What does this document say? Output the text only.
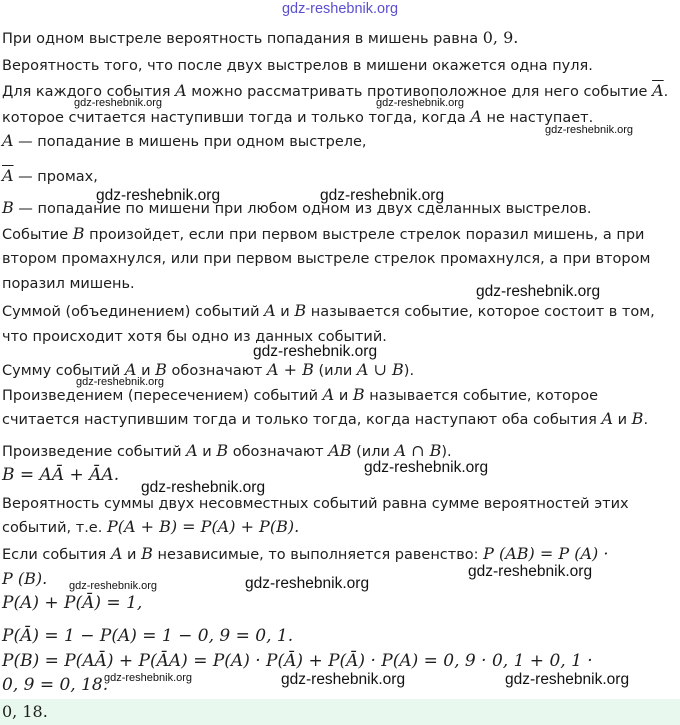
gdz-reshebnik.org
При одном выстреле вероятность попадания в мишень равна 0, 9.
Вероятность того, что после двух выстрелов в мишени окажется одна пуля.
Для каждого события A можно рассматривать противоположное для него событие $\overline{A}$.
которое считается наступивши тогда и только тогда, когда A не наступает.
A — попадание в мишень при одном выстреле,
$\overline{A}$ — промах,
B — попадание по мишени при любом одном из двух сделанных выстрелов.
Событие B произойдет, если при первом выстреле стрелок поразил мишень, а при
втором промахнулся, или при первом выстреле стрелок промахнулся, а при втором
поразил мишень.
Суммой (объединением) событий A и B называется событие, которое состоит в том,
что происходит хотя бы одно из данных событий.
Сумму событий A и B обозначают A + B (или A ∪ B).
Произведением (пересечением) событий A и B называется событие, которое
считается наступившим тогда и только тогда, когда наступают оба события A и B.
Произведение событий A и B обозначают AB (или A ∩ B).
B = AĀ + ĀA.
Вероятность суммы двух несовместных событий равна сумме вероятностей этих
событий, т.е. P(A + B) = P(A) + P(B).
Если события A и B независимые, то выполняется равенство: P (AB) = P (A) ·
P (B).
P(A) + P(Ā) = 1,
P(Ā) = 1 − P(A) = 1 − 0, 9 = 0, 1.
P(B) = P(AĀ) + P(ĀA) = P(A) · P(Ā) + P(Ā) · P(A) = 0, 9 · 0, 1 + 0, 1 ·
0, 9 = 0, 18.
0, 18.
gdz-reshebnik.org	gdz-reshebnik.org
gdz-reshebnik.org
gdz-reshebnik.org	gdz-reshebnik.org
gdz-reshebnik.org
gdz-reshebnik.org
gdz-reshebnik.org
gdz-reshebnik.org
gdz-reshebnik.org
gdz-reshebnik.org
gdz-reshebnik.org	gdz-reshebnik.org
gdz-reshebnik.org	gdz-reshebnik.org	gdz-reshebnik.org
